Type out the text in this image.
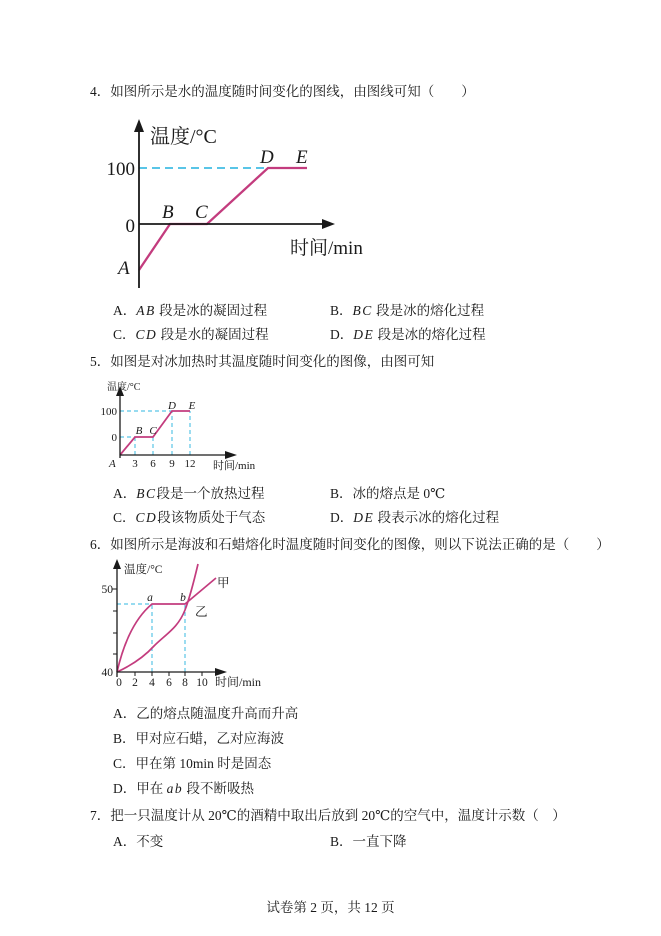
4．如图所示是水的温度随时间变化的图线，由图线可知（　　）
温度/°C
时间/min
100
0
A
B C
D E
A．AB 段是冰的凝固过程	B．BC 段是冰的熔化过程
C．CD 段是水的凝固过程	D．DE 段是冰的熔化过程
5．如图是对冰加热时其温度随时间变化的图像，由图可知
温度/°C
时间/min
100
0
A 3 6 9 12
B C
D E
A．BC段是一个放热过程	B．冰的熔点是 0℃
C．CD段该物质处于气态	D．DE 段表示冰的熔化过程
6．如图所示是海波和石蜡熔化时温度随时间变化的图像，则以下说法正确的是（　　）
温度/°C
时间/min
50
40
0 2 4 6 8 10
a b
甲
乙
A．乙的熔点随温度升高而升高
B．甲对应石蜡，乙对应海波
C．甲在第 10min 时是固态
D．甲在 ab 段不断吸热
7．把一只温度计从 20℃的酒精中取出后放到 20℃的空气中，温度计示数（　）
A．不变	B．一直下降
试卷第 2 页，共 12 页
